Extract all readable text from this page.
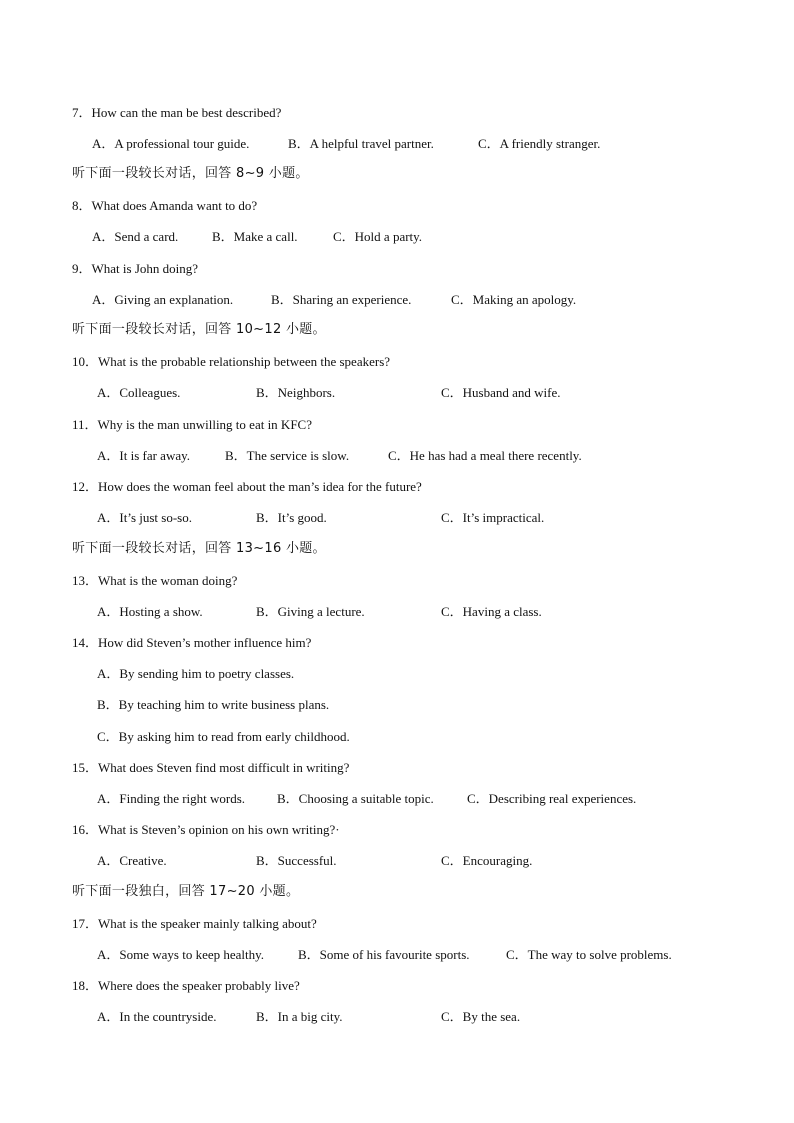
7．How can the man be best described?
A．A professional tour guide.	B．A helpful travel partner.	C．A friendly stranger.
听下面一段较长对话，回答 8~9 小题。
8．What does Amanda want to do?
A．Send a card.	B．Make a call.	C．Hold a party.
9．What is John doing?
A．Giving an explanation.	B．Sharing an experience.	C．Making an apology.
听下面一段较长对话，回答 10~12 小题。
10．What is the probable relationship between the speakers?
A．Colleagues.	B．Neighbors.	C．Husband and wife.
11．Why is the man unwilling to eat in KFC?
A．It is far away.	B．The service is slow.	C．He has had a meal there recently.
12．How does the woman feel about the man’s idea for the future?
A．It’s just so-so.	B．It’s good.	C．It’s impractical.
听下面一段较长对话，回答 13~16 小题。
13．What is the woman doing?
A．Hosting a show.	B．Giving a lecture.	C．Having a class.
14．How did Steven’s mother influence him?
A．By sending him to poetry classes.
B．By teaching him to write business plans.
C．By asking him to read from early childhood.
15．What does Steven find most difficult in writing?
A．Finding the right words. B．Choosing a suitable topic.	C．Describing real experiences.
16．What is Steven’s opinion on his own writing?·
A．Creative.	B．Successful.	C．Encouraging.
听下面一段独白，回答 17~20 小题。
17．What is the speaker mainly talking about?
A．Some ways to keep healthy.	B．Some of his favourite sports.	C．The way to solve problems.
18．Where does the speaker probably live?
A．In the countryside.	B．In a big city.	C．By the sea.
